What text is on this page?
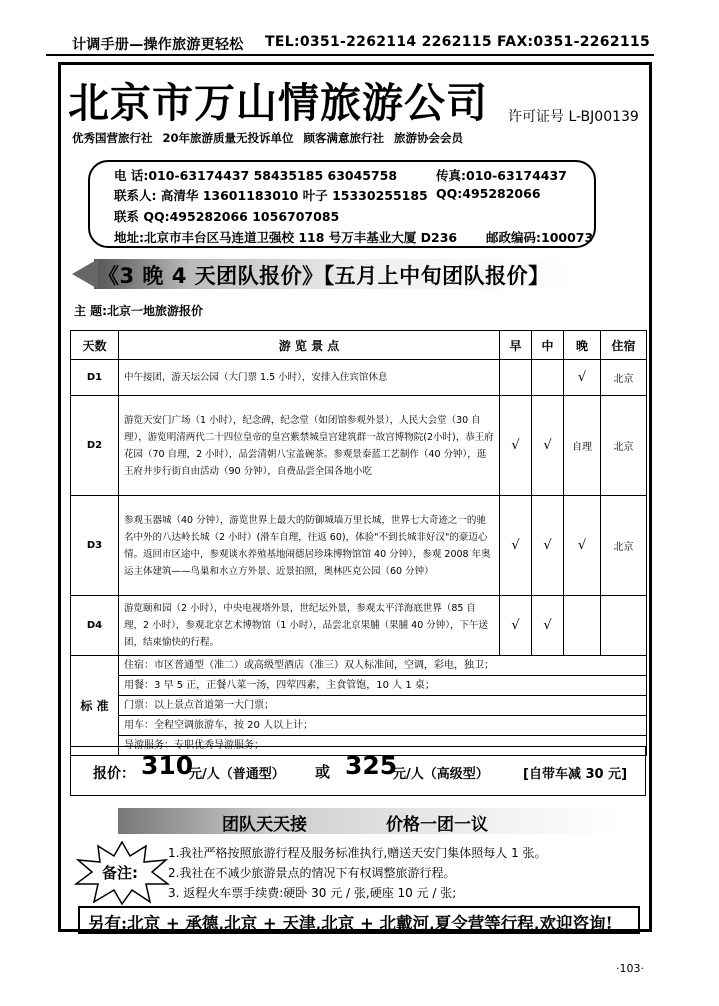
计调手册—操作旅游更轻松 TEL:0351-2262114 2262115 FAX:0351-2262115
北京市万山情旅游公司 许可证号 L-BJ00139
优秀国营旅行社 20年旅游质量无投诉单位 顾客满意旅行社 旅游协会会员
电 话:010-63174437 58435185 63045758	传真:010-63174437
联系人: 高清华 13601183010 叶子 15330255185 QQ:495282066
联系 QQ:495282066 1056707085
地址:北京市丰台区马连道卫强校 118 号万丰基业大厦 D236 邮政编码:100073
《3 晚 4 天团队报价》【五月上中旬团队报价】
主 题:北京一地旅游报价
天数	游 览 景 点	早	中	晚	住宿
D1	中午接团，游天坛公园（大门票 1.5 小时），安排入住宾馆休息			√	北京
D2	游览天安门广场（1 小时），纪念碑，纪念堂（如闭馆参观外景），人民大会堂（30 自理），游览明清两代二十四位皇帝的皇宫紫禁城皇宫建筑群一故宫博物院(2小时)，恭王府花园（70 自理，2 小时），品尝清朝八宝盖碗茶。参观景泰蓝工艺制作（40 分钟），逛王府井步行街自由活动（90 分钟），自费品尝全国各地小吃	√	√	自理	北京
D3	参观玉器城（40 分钟），游览世界上最大的防御城墙万里长城，世界七大奇迹之一的驰名中外的八达岭长城（2 小时）(滑车自理，往返 60)，体验"不到长城非好汉"的豪迈心情。返回市区途中，参观谈水养殖基地闹德居珍珠博物馆馆 40 分钟），参观 2008 年奥运主体建筑——鸟巢和水立方外景、近景拍照，奥林匹克公园（60 分钟）	√	√	√	北京
D4	游览颐和园（2 小时），中央电视塔外景，世纪坛外景，参观太平洋海底世界（85 自理，2 小时），参观北京艺术博物馆（1 小时），品尝北京果脯（果脯 40 分钟），下午送团，结束愉快的行程。	√	√		
标 准	住宿：市区普通型（准二）或高级型酒店（准三）双人标准间，空调，彩电，独卫；				
	用餐：3 早 5 正，正餐八菜一汤，四荤四素，主食管饱，10 人 1 桌；				
	门票：以上景点首道第一大门票；				
	用车：全程空调旅游车，按 20 人以上计；				
	导游服务：专职优秀导游服务；				
报价： 310
元/人（普通型） 或 325
元/人（高级型）	[自带车减 30 元]
团队天天接	价格一团一议
备注:
1.我社严格按照旅游行程及服务标准执行,赠送天安门集体照每人 1 张。
2.我社在不减少旅游景点的情况下有权调整旅游行程。
3. 返程火车票手续费:硬卧 30 元 / 张,硬座 10 元 / 张;
另有:北京 + 承德,北京 + 天津,北京 + 北戴河,夏令营等行程,欢迎咨询!
·103·
